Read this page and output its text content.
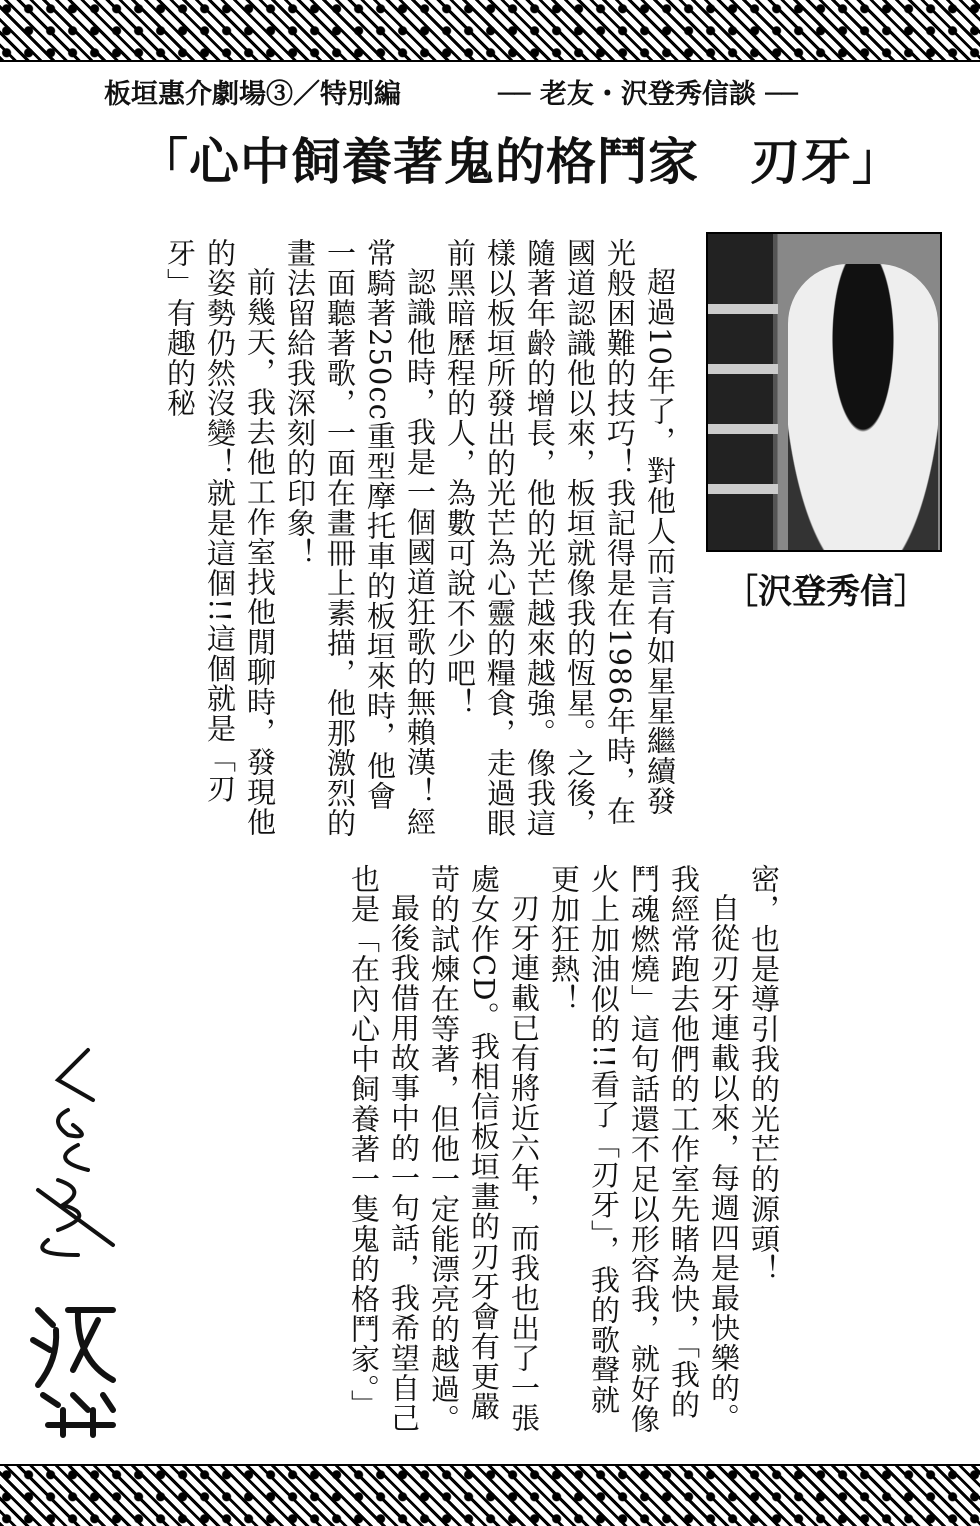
板垣惠介劇場③／特別編	── 老友・沢登秀信談 ──
「心中飼養著鬼的格鬥家　刃牙」
［沢登秀信］

超過10年了，對他人而言有如星星繼續發光般困難的技巧！我記得是在1986年時，在國道認識他以來，板垣就像我的恆星。之後，隨著年齡的增長，他的光芒越來越強。像我這樣以板垣所發出的光芒為心靈的糧食，走過眼前黑暗歷程的人，為數可說不少吧！

認識他時，我是一個國道狂歌的無賴漢！經常騎著250cc重型摩托車的板垣來時，他會一面聽著歌，一面在畫冊上素描，他那激烈的畫法留給我深刻的印象！

前幾天，我去他工作室找他閒聊時，發現他的姿勢仍然沒變！就是這個!!這個就是「刃牙」有趣的秘

密，也是導引我的光芒的源頭！

自從刃牙連載以來，每週四是最快樂的。我經常跑去他們的工作室先睹為快，「我的鬥魂燃燒」這句話還不足以形容我，就好像火上加油似的!!看了「刃牙」，我的歌聲就更加狂熱！

刃牙連載已有將近六年，而我也出了一張處女作CD。我相信板垣畫的刃牙會有更嚴苛的試煉在等著，但他一定能漂亮的越過。

最後我借用故事中的一句話，我希望自己也是「在內心中飼養著一隻鬼的格鬥家。」
